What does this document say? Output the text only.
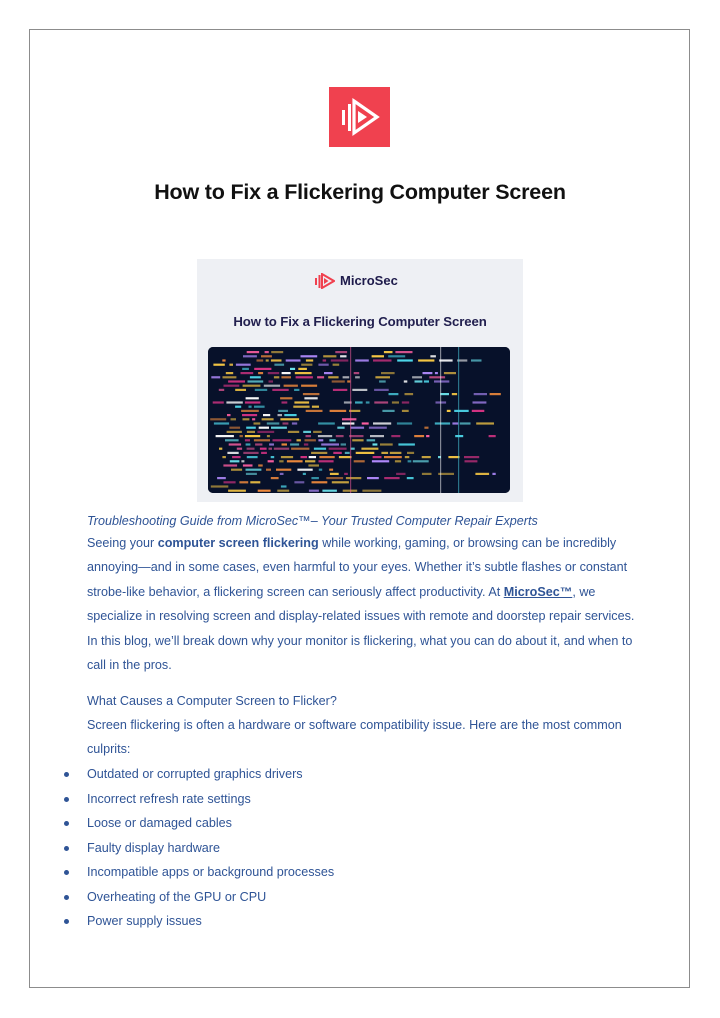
How to Fix a Flickering Computer Screen
MicroSec
How to Fix a Flickering Computer Screen
Troubleshooting Guide from MicroSec™– Your Trusted Computer Repair Experts
Seeing your computer screen flickering while working, gaming, or browsing can be incredibly annoying—and in some cases, even harmful to your eyes. Whether it’s subtle flashes or constant strobe-like behavior, a flickering screen can seriously affect productivity. At MicroSec™, we specialize in resolving screen and display-related issues with remote and doorstep repair services. In this blog, we’ll break down why your monitor is flickering, what you can do about it, and when to call in the pros.
What Causes a Computer Screen to Flicker?
Screen flickering is often a hardware or software compatibility issue. Here are the most common culprits:
Outdated or corrupted graphics drivers
Incorrect refresh rate settings
Loose or damaged cables
Faulty display hardware
Incompatible apps or background processes
Overheating of the GPU or CPU
Power supply issues
